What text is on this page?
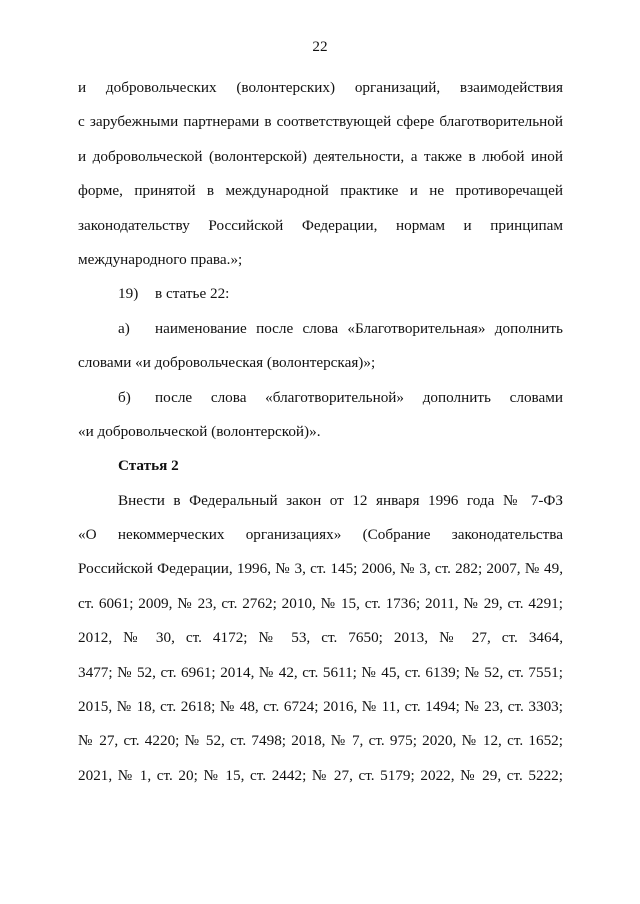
22
и добровольческих (волонтерских) организаций, взаимодействия
с зарубежными партнерами в соответствующей сфере благотворительной
и добровольческой (волонтерской) деятельности, а также в любой иной
форме, принятой в международной практике и не противоречащей
законодательству Российской Федерации, нормам и принципам
международного права.»;
19)	в статье 22:
а)	наименование после слова «Благотворительная» дополнить
словами «и добровольческая (волонтерская)»;
б)	после слова «благотворительной» дополнить словами
«и добровольческой (волонтерской)».
Статья 2
Внести в Федеральный закон от 12 января 1996 года № 7-ФЗ
«О некоммерческих организациях» (Собрание законодательства
Российской Федерации, 1996, № 3, ст. 145; 2006, № 3, ст. 282; 2007, № 49,
ст. 6061; 2009, № 23, ст. 2762; 2010, № 15, ст. 1736; 2011, № 29, ст. 4291;
2012, № 30, ст. 4172; № 53, ст. 7650; 2013, № 27, ст. 3464,
3477; № 52, ст. 6961; 2014, № 42, ст. 5611; № 45, ст. 6139; № 52, ст. 7551;
2015, № 18, ст. 2618; № 48, ст. 6724; 2016, № 11, ст. 1494; № 23, ст. 3303;
№ 27, ст. 4220; № 52, ст. 7498; 2018, № 7, ст. 975; 2020, № 12, ст. 1652;
2021, № 1, ст. 20; № 15, ст. 2442; № 27, ст. 5179; 2022, № 29, ст. 5222;
